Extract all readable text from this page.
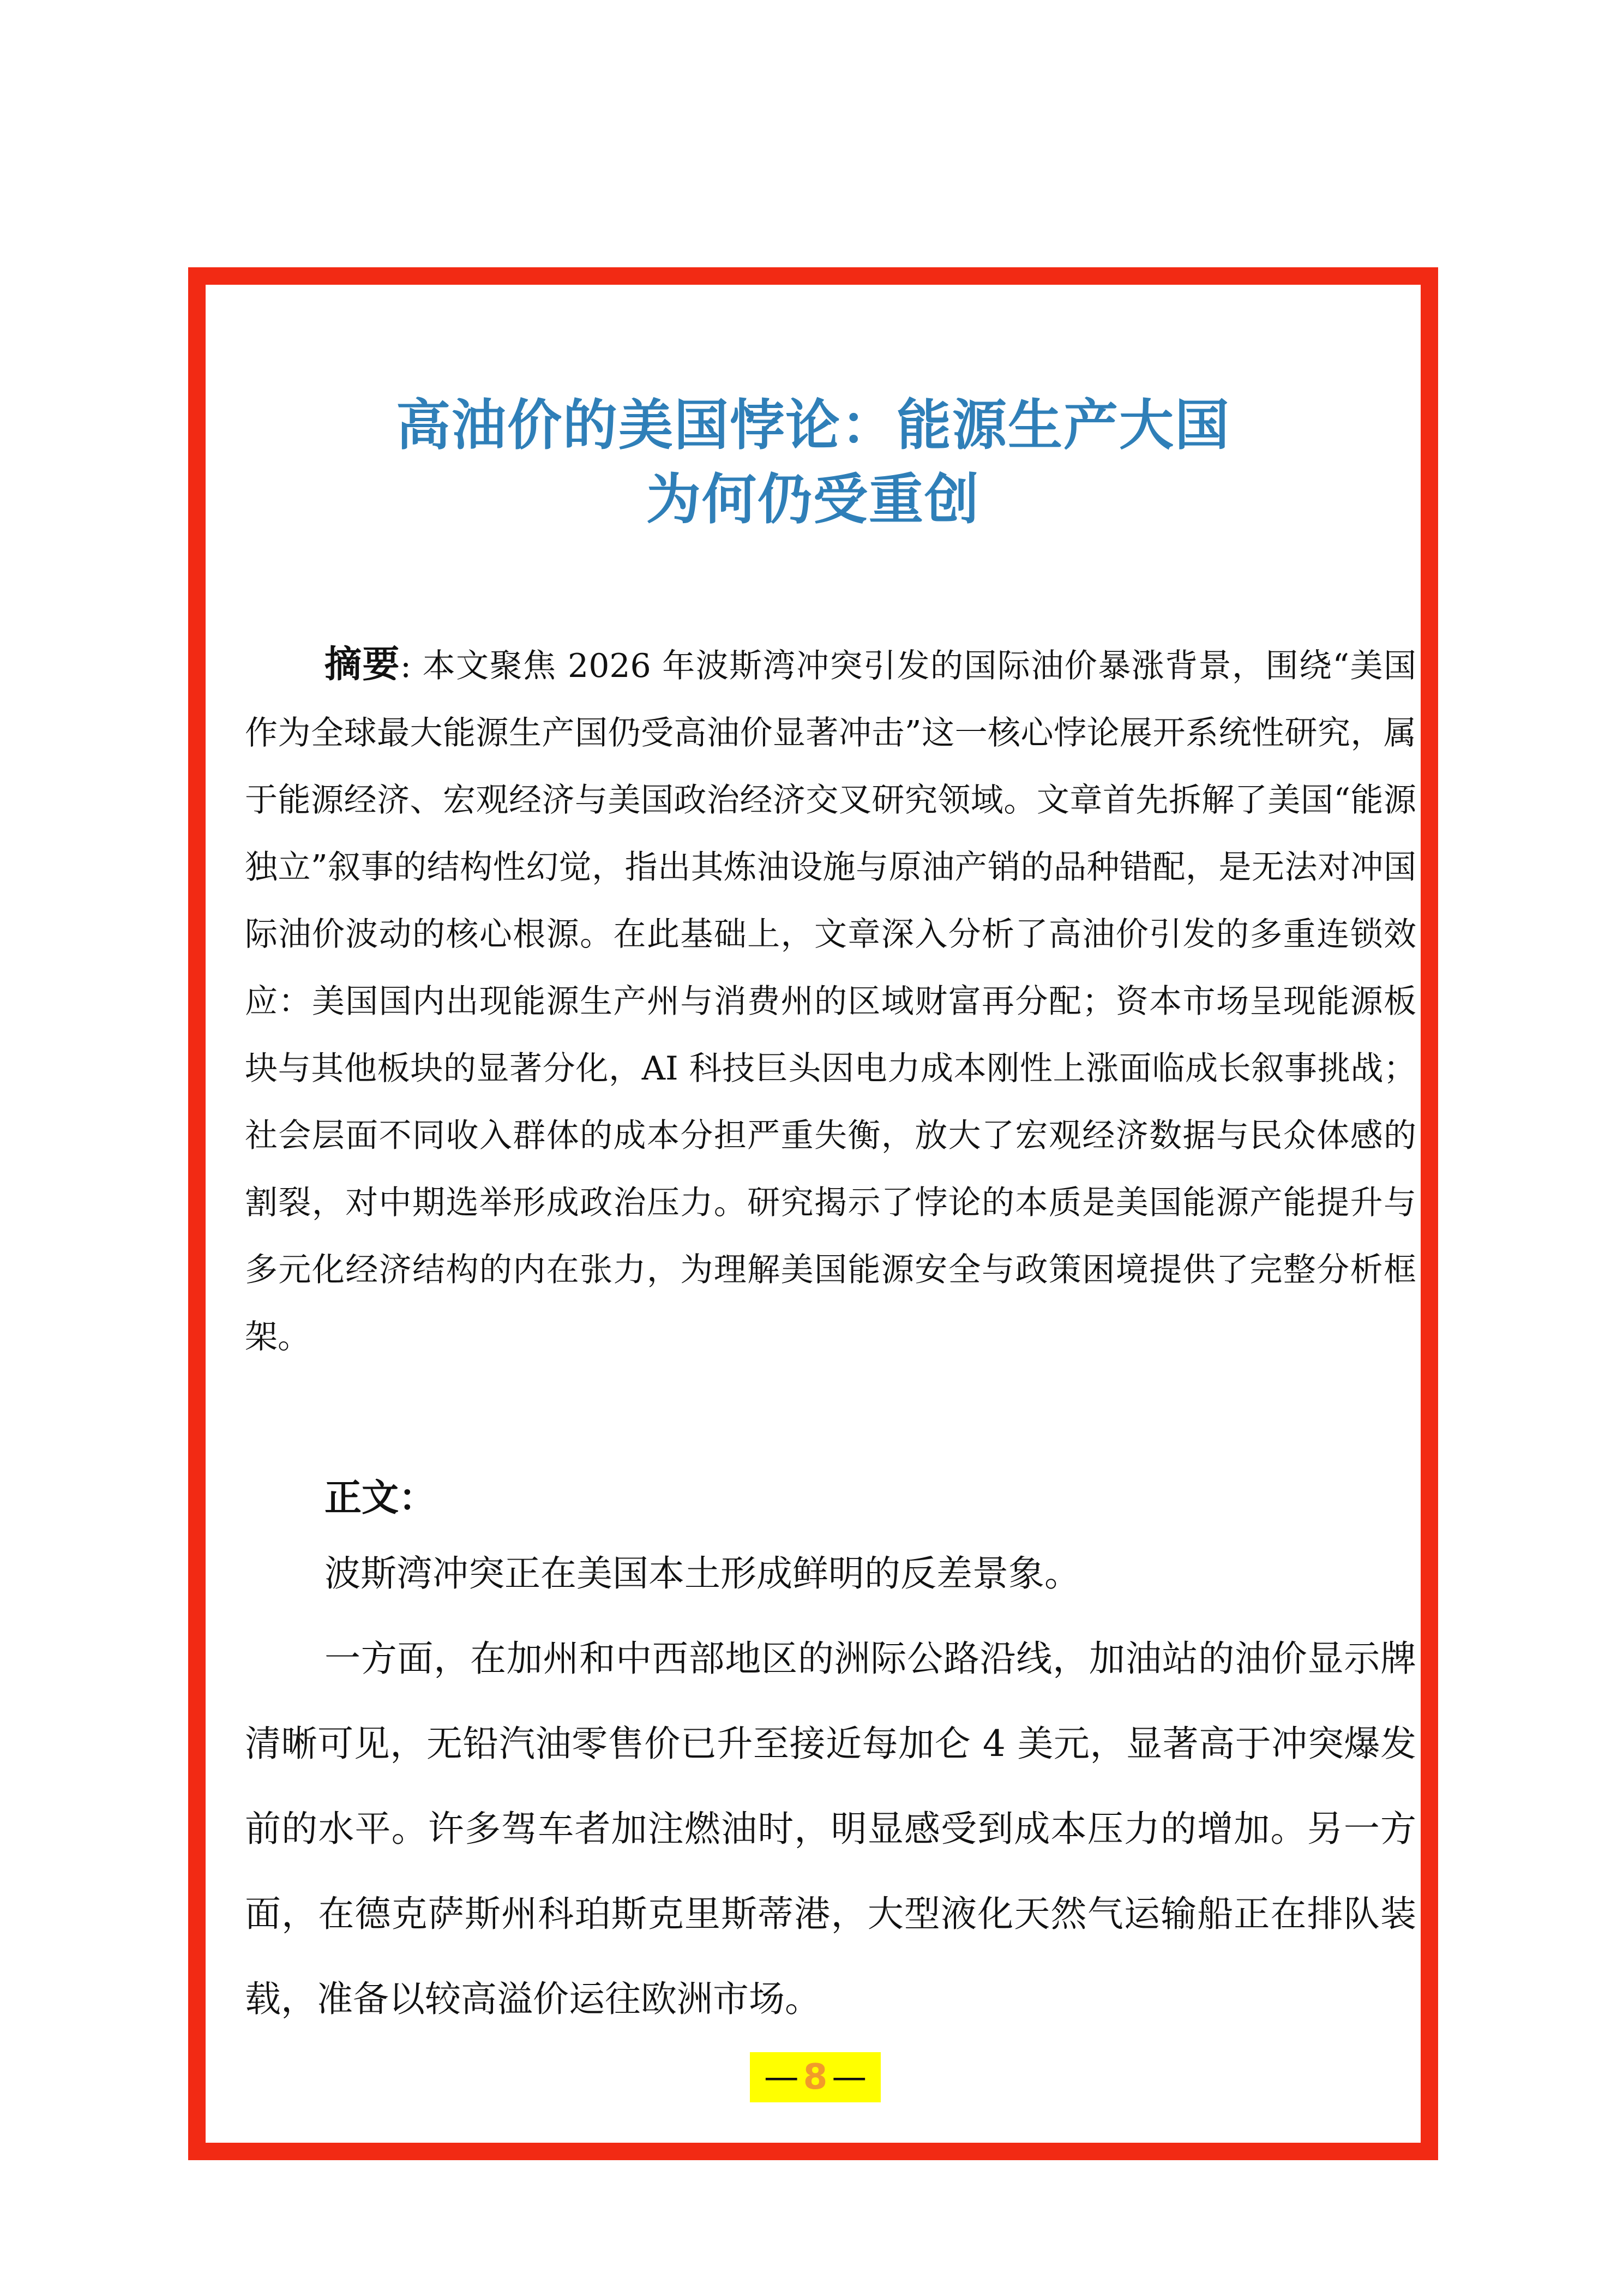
高油价的美国悖论：能源生产大国
为何仍受重创
摘要: 本文聚焦 2026 年波斯湾冲突引发的国际油价暴涨背景，围绕“美国作为全球最大能源生产国仍受高油价显著冲击”这一核心悖论展开系统性研究，属于能源经济、宏观经济与美国政治经济交叉研究领域。文章首先拆解了美国“能源独立”叙事的结构性幻觉，指出其炼油设施与原油产销的品种错配，是无法对冲国际油价波动的核心根源。在此基础上，文章深入分析了高油价引发的多重连锁效应：美国国内出现能源生产州与消费州的区域财富再分配；资本市场呈现能源板块与其他板块的显著分化，AI 科技巨头因电力成本刚性上涨面临成长叙事挑战；社会层面不同收入群体的成本分担严重失衡，放大了宏观经济数据与民众体感的割裂，对中期选举形成政治压力。研究揭示了悖论的本质是美国能源产能提升与多元化经济结构的内在张力，为理解美国能源安全与政策困境提供了完整分析框架。
正文：

波斯湾冲突正在美国本土形成鲜明的反差景象。

一方面，在加州和中西部地区的洲际公路沿线，加油站的油价显示牌清晰可见，无铅汽油零售价已升至接近每加仑 4 美元，显著高于冲突爆发前的水平。许多驾车者加注燃油时，明显感受到成本压力的增加。另一方面，在德克萨斯州科珀斯克里斯蒂港，大型液化天然气运输船正在排队装载，准备以较高溢价运往欧洲市场。

— 8 —
